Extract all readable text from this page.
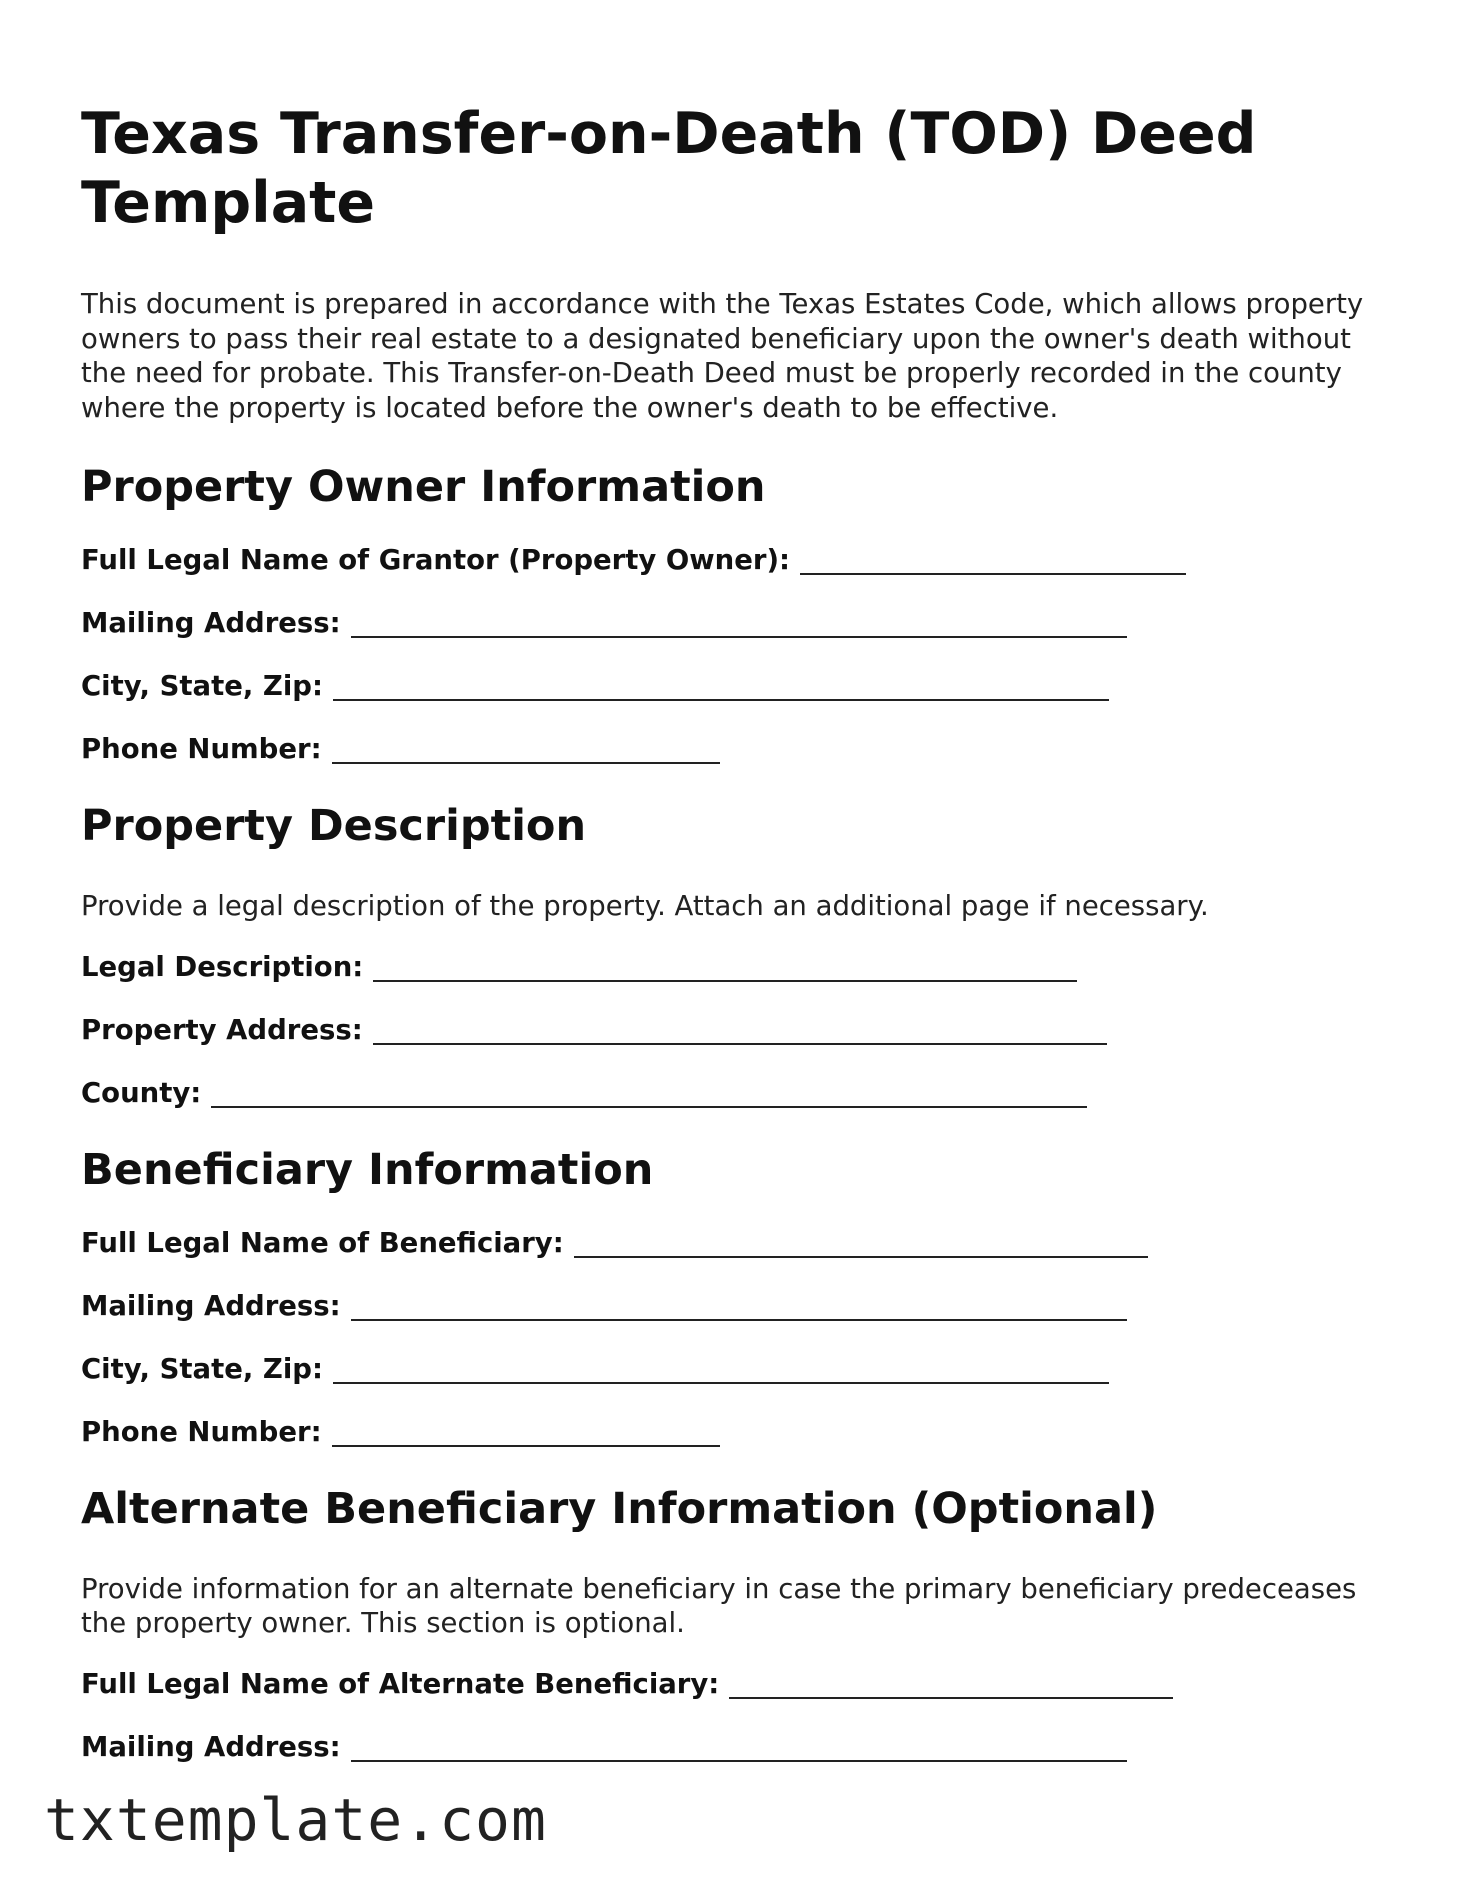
Texas Transfer-on-Death (TOD) Deed Template

This document is prepared in accordance with the Texas Estates Code, which allows property owners to pass their real estate to a designated beneficiary upon the owner's death without the need for probate. This Transfer-on-Death Deed must be properly recorded in the county where the property is located before the owner's death to be effective.

Property Owner Information
Full Legal Name of Grantor (Property Owner):
Mailing Address:
City, State, Zip:
Phone Number:
Property Description

Provide a legal description of the property. Attach an additional page if necessary.

Legal Description:
Property Address:
County:
Beneficiary Information
Full Legal Name of Beneficiary:
Mailing Address:
City, State, Zip:
Phone Number:
Alternate Beneficiary Information (Optional)

Provide information for an alternate beneficiary in case the primary beneficiary predeceases the property owner. This section is optional.

Full Legal Name of Alternate Beneficiary:
Mailing Address:
txtemplate.com
